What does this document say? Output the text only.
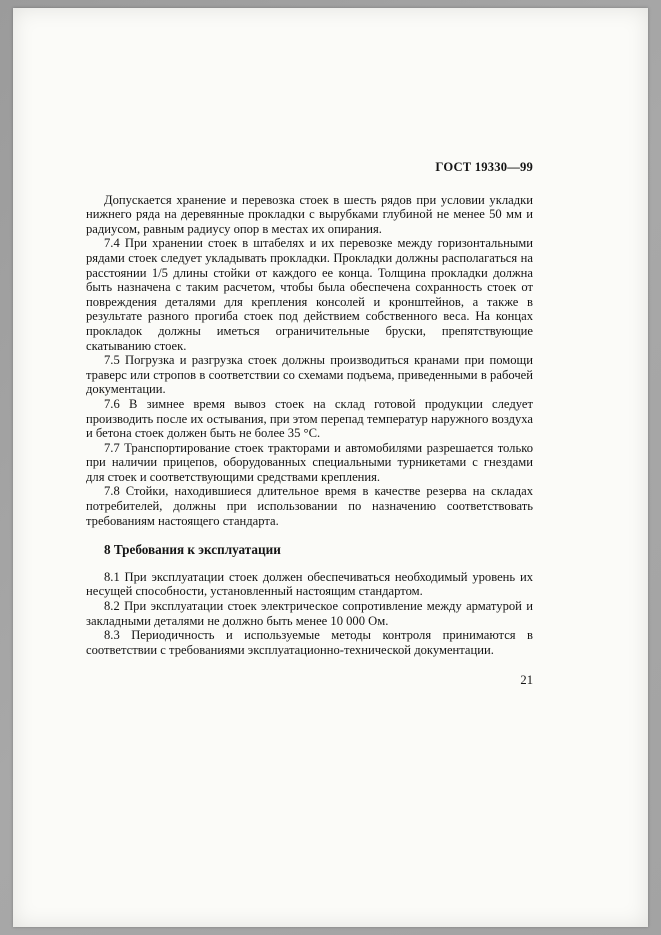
ГОСТ 19330—99

Допускается хранение и перевозка стоек в шесть рядов при условии укладки нижнего ряда на деревянные прокладки с вырубками глубиной не менее 50 мм и радиусом, равным радиусу опор в местах их опирания.

7.4 При хранении стоек в штабелях и их перевозке между горизонтальными рядами стоек следует укладывать прокладки. Прокладки должны располагаться на расстоянии 1/5 длины стойки от каждого ее конца. Толщина прокладки должна быть назначена с таким расчетом, чтобы была обеспечена сохранность стоек от повреждения деталями для крепления консолей и кронштейнов, а также в результате разного прогиба стоек под действием собственного веса. На концах прокладок должны иметься ограничительные бруски, препятствующие скатыванию стоек.

7.5 Погрузка и разгрузка стоек должны производиться кранами при помощи траверс или стропов в соответствии со схемами подъема, приведенными в рабочей документации.

7.6 В зимнее время вывоз стоек на склад готовой продукции следует производить после их остывания, при этом перепад температур наружного воздуха и бетона стоек должен быть не более 35 °С.

7.7 Транспортирование стоек тракторами и автомобилями разрешается только при наличии прицепов, оборудованных специальными турникетами с гнездами для стоек и соответствующими средствами крепления.

7.8 Стойки, находившиеся длительное время в качестве резерва на складах потребителей, должны при использовании по назначению соответствовать требованиям настоящего стандарта.

8 Требования к эксплуатации

8.1 При эксплуатации стоек должен обеспечиваться необходимый уровень их несущей способности, установленный настоящим стандартом.

8.2 При эксплуатации стоек электрическое сопротивление между арматурой и закладными деталями не должно быть менее 10 000 Ом.

8.3 Периодичность и используемые методы контроля принимаются в соответствии с требованиями эксплуатационно-технической документации.

21
